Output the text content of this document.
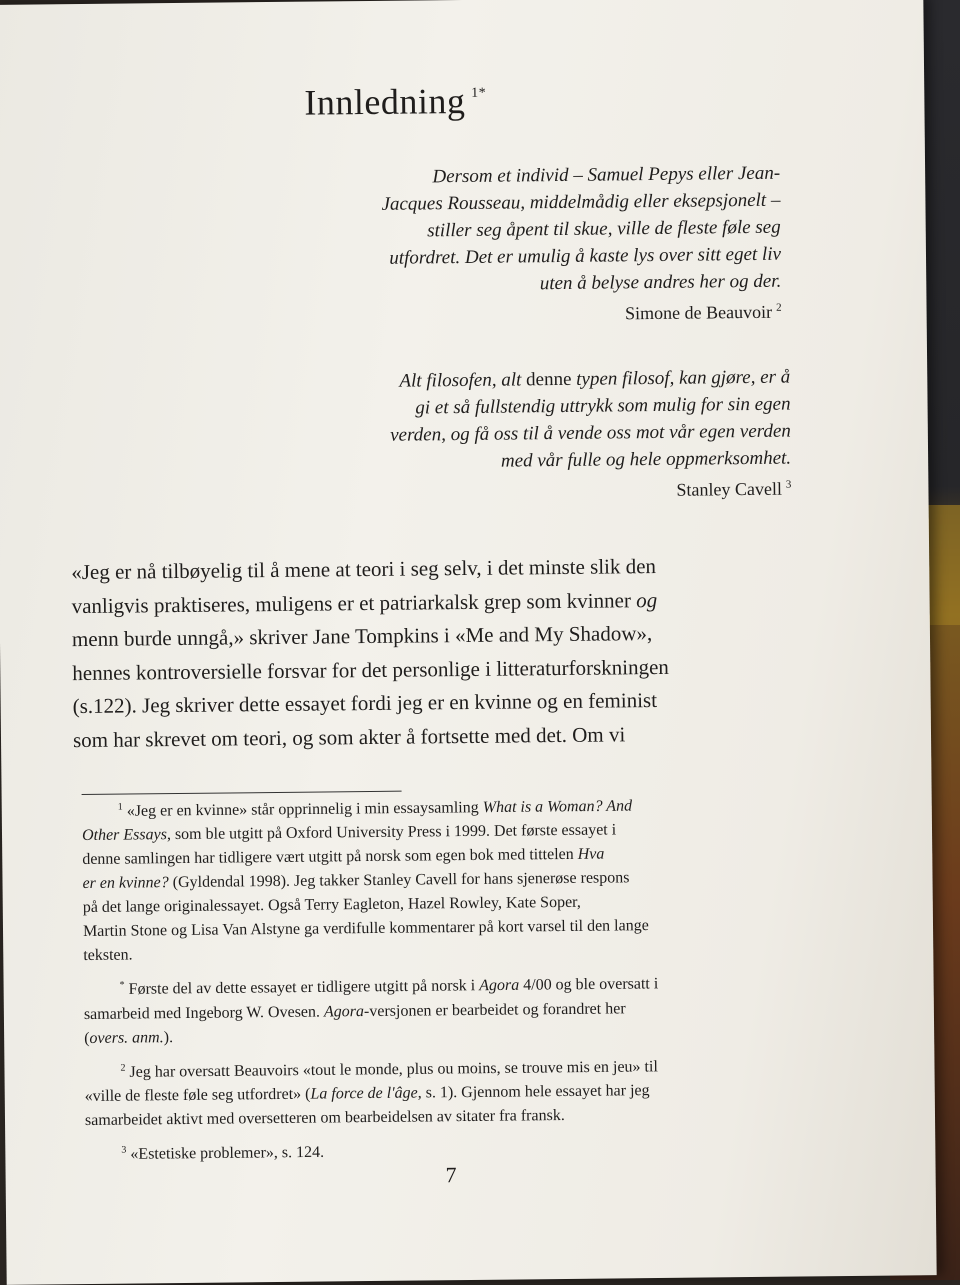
Innledning $^{1*}$
Dersom et individ – Samuel Pepys eller Jean-
Jacques Rousseau, middelmådig eller eksepsjonelt –
stiller seg åpent til skue, ville de fleste føle seg
utfordret. Det er umulig å kaste lys over sitt eget liv
uten å belyse andres her og der.
Simone de Beauvoir $^2$
Alt filosofen, alt denne typen filosof, kan gjøre, er å
gi et så fullstendig uttrykk som mulig for sin egen
verden, og få oss til å vende oss mot vår egen verden
med vår fulle og hele oppmerksomhet.
Stanley Cavell $^3$
«Jeg er nå tilbøyelig til å mene at teori i seg selv, i det minste slik den
vanligvis praktiseres, muligens er et patriarkalsk grep som kvinner og
menn burde unngå,» skriver Jane Tompkins i «Me and My Shadow»,
hennes kontroversielle forsvar for det personlige i litteraturforskningen
(s.122). Jeg skriver dette essayet fordi jeg er en kvinne og en feminist
som har skrevet om teori, og som akter å fortsette med det. Om vi
$^1$ «Jeg er en kvinne» står opprinnelig i min essaysamling What is a Woman? And
Other Essays, som ble utgitt på Oxford University Press i 1999. Det første essayet i
denne samlingen har tidligere vært utgitt på norsk som egen bok med tittelen Hva
er en kvinne? (Gyldendal 1998). Jeg takker Stanley Cavell for hans sjenerøse respons
på det lange originalessayet. Også Terry Eagleton, Hazel Rowley, Kate Soper,
Martin Stone og Lisa Van Alstyne ga verdifulle kommentarer på kort varsel til den lange
teksten.
* Første del av dette essayet er tidligere utgitt på norsk i Agora 4/00 og ble oversatt i
samarbeid med Ingeborg W. Ovesen. Agora-versjonen er bearbeidet og forandret her
(overs. anm.).
$^2$ Jeg har oversatt Beauvoirs «tout le monde, plus ou moins, se trouve mis en jeu» til
«ville de fleste føle seg utfordret» (La force de l'âge, s. 1). Gjennom hele essayet har jeg
samarbeidet aktivt med oversetteren om bearbeidelsen av sitater fra fransk.
$^3$ «Estetiske problemer», s. 124.
7
